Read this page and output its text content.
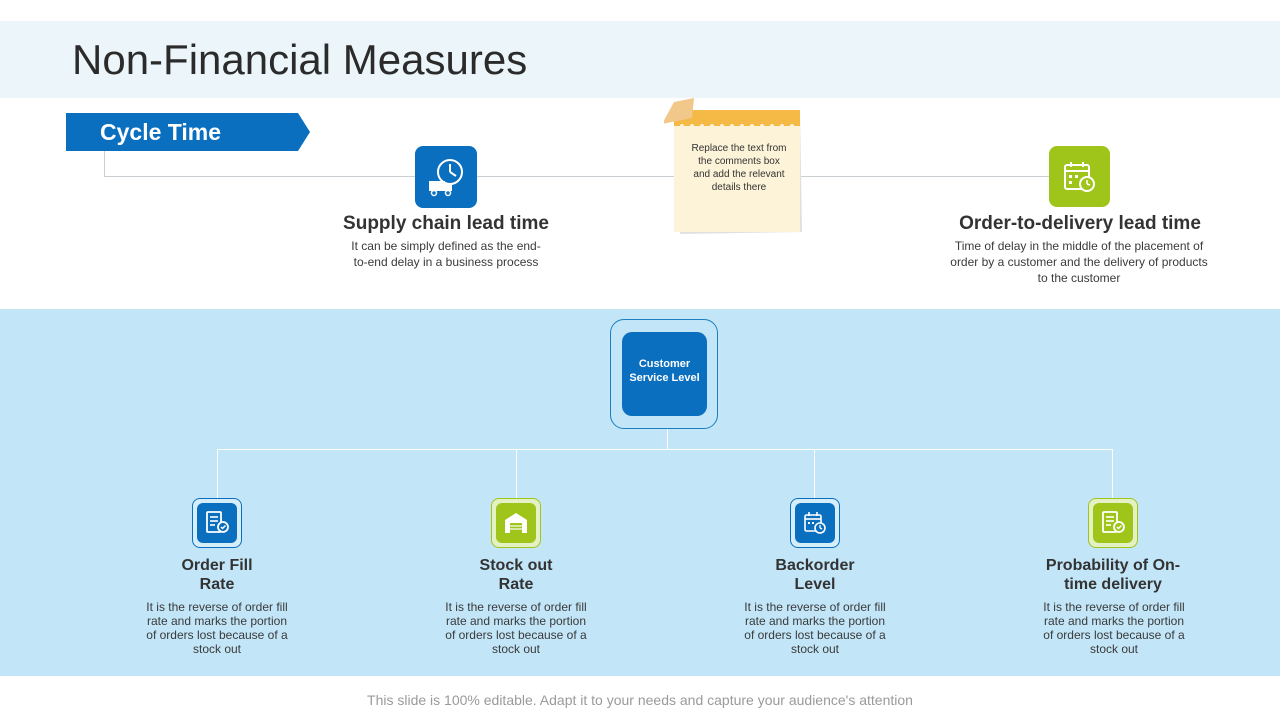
Non-Financial Measures
Cycle Time
Supply chain lead time
It can be simply defined as the end-to-end delay in a business process
Replace the text from the comments box and add the relevant details there
Order-to-delivery lead time
Time of delay in the middle of the placement of order by a customer and the delivery of products to the customer
Customer Service Level
Order Fill Rate
It is the reverse of order fill rate and marks the portion of orders lost because of a stock out
Stock out Rate
It is the reverse of order fill rate and marks the portion of orders lost because of a stock out
Backorder Level
It is the reverse of order fill rate and marks the portion of orders lost because of a stock out
Probability of On-time delivery
It is the reverse of order fill rate and marks the portion of orders lost because of a stock out
This slide is 100% editable. Adapt it to your needs and capture your audience's attention
